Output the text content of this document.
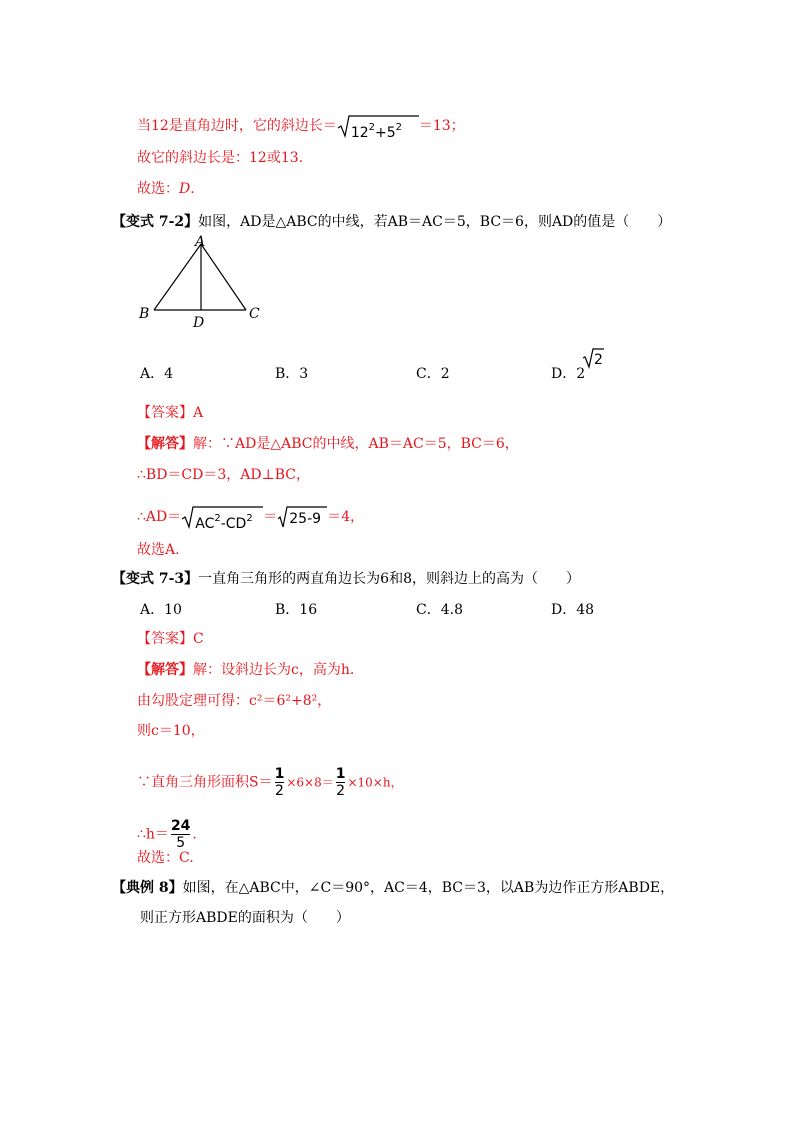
当12是直角边时，它的斜边长＝ $12^2+5^2 =13$；
故它的斜边长是：12或13.
故选：D.
【变式 7-2】如图，AD是△ABC的中线，若AB＝AC＝5，BC＝6，则AD的值是（　　）
A
B	C
D
A．4	B．3	C．2	D．2
2
【答案】A
【解答】解：∵AD是△ABC的中线，AB＝AC＝5，BC＝6，
∴BD＝CD＝3，AD⊥BC，
∴AD＝ $AC^2-CD^2 = 25-9 =4$，
故选A.
【变式 7-3】一直角三角形的两直角边长为6和8，则斜边上的高为（　　）
A．10	B．16	C．4.8	D．48
【答案】C
【解答】解：设斜边长为c，高为h.
由勾股定理可得：c²＝6²+8²，
则c＝10，
∵直角三角形面积$S= \frac{1}{2} \times 6\times 8= \frac{1}{2} \times 10\times h$，
∴h＝ $\frac{24}{5}$ .
故选：C.
【典例 8】如图，在△ABC中，∠C＝90°，AC＝4，BC＝3，以AB为边作正方形ABDE，
则正方形ABDE的面积为（　　）
